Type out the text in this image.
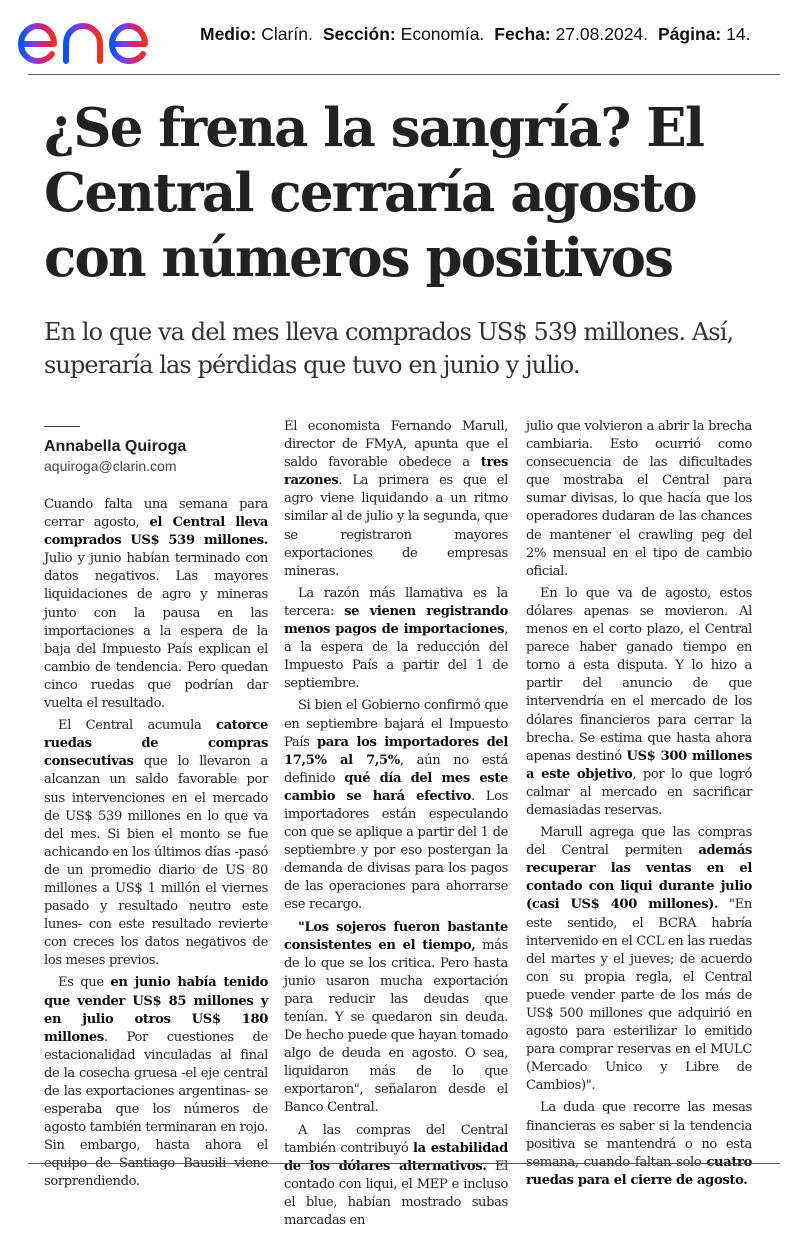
Medio: Clarín. Sección: Economía. Fecha: 27.08.2024. Página: 14.
¿Se frena la sangría? El Central cerraría agosto con números positivos

En lo que va del mes lleva comprados US$ 539 millones. Así, superaría las pérdidas que tuvo en junio y julio.

Annabella Quiroga
aquiroga@clarin.com

Cuando falta una semana para cerrar agosto, el Central lleva comprados US$ 539 millones. Julio y junio habían terminado con datos negativos. Las mayores liquidaciones de agro y mineras junto con la pausa en las importaciones a la espera de la baja del Impuesto País explican el cambio de tendencia. Pero quedan cinco ruedas que podrían dar vuelta el resultado.

El Central acumula catorce ruedas de compras consecutivas que lo llevaron a alcanzan un saldo favorable por sus intervenciones en el mercado de US$ 539 millones en lo que va del mes. Si bien el monto se fue achicando en los últimos días -pasó de un promedio diario de US 80 millones a US$ 1 millón el viernes pasado y resultado neutro este lunes- con este resultado revierte con creces los datos negativos de los meses previos.

Es que en junio había tenido que vender US$ 85 millones y en julio otros US$ 180 millones. Por cuestiones de estacionalidad vinculadas al final de la cosecha gruesa -el eje central de las exportaciones argentinas- se esperaba que los números de agosto también terminaran en rojo. Sin embargo, hasta ahora el equipo de Santiago Bausili viene sorprendiendo.

El economista Fernando Marull, director de FMyA, apunta que el saldo favorable obedece a tres razones. La primera es que el agro viene liquidando a un ritmo similar al de julio y la segunda, que se registraron mayores exportaciones de empresas mineras.

La razón más llamativa es la tercera: se vienen registrando menos pagos de importaciones, a la espera de la reducción del Impuesto País a partir del 1 de septiembre.

Si bien el Gobierno confirmó que en septiembre bajará el Impuesto País para los importadores del 17,5% al 7,5%, aún no está definido qué día del mes este cambio se hará efectivo. Los importadores están especulando con que se aplique a partir del 1 de septiembre y por eso postergan la demanda de divisas para los pagos de las operaciones para ahorrarse ese recargo.

"Los sojeros fueron bastante consistentes en el tiempo, más de lo que se los critica. Pero hasta junio usaron mucha exportación para reducir las deudas que tenían. Y se quedaron sin deuda. De hecho puede que hayan tomado algo de deuda en agosto. O sea, liquidaron más de lo que exportaron", señalaron desde el Banco Central.

A las compras del Central también contribuyó la estabilidad de los dólares alternativos. El contado con liqui, el MEP e incluso el blue, habían mostrado subas marcadas en

julio que volvieron a abrir la brecha cambiaria. Esto ocurrió como consecuencia de las dificultades que mostraba el Central para sumar divisas, lo que hacía que los operadores dudaran de las chances de mantener el crawling peg del 2% mensual en el tipo de cambio oficial.

En lo que va de agosto, estos dólares apenas se movieron. Al menos en el corto plazo, el Central parece haber ganado tiempo en torno a esta disputa. Y lo hizo a partir del anuncio de que intervendría en el mercado de los dólares financieros para cerrar la brecha. Se estima que hasta ahora apenas destinó US$ 300 millones a este objetivo, por lo que logró calmar al mercado en sacrificar demasiadas reservas.

Marull agrega que las compras del Central permiten además recuperar las ventas en el contado con liqui durante julio (casi US$ 400 millones). "En este sentido, el BCRA habría intervenido en el CCL en las ruedas del martes y el jueves; de acuerdo con su propia regla, el Central puede vender parte de los más de US$ 500 millones que adquirió en agosto para esterilizar lo emitido para comprar reservas en el MULC (Mercado Unico y Libre de Cambios)".

La duda que recorre las mesas financieras es saber si la tendencia positiva se mantendrá o no esta semana, cuando faltan solo cuatro ruedas para el cierre de agosto.
